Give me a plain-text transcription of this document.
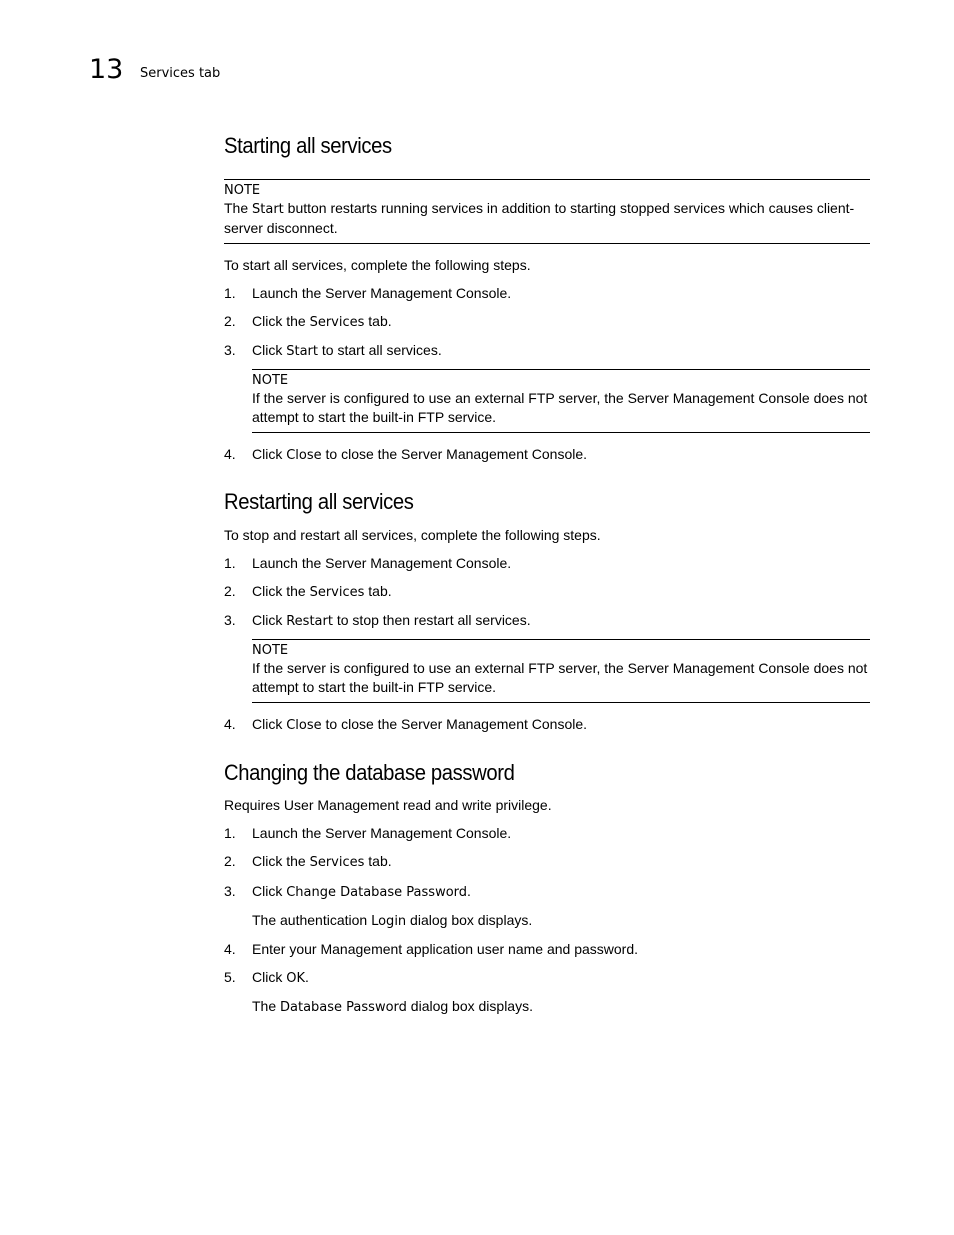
13 Services tab
Starting all services
NOTE
The Start button restarts running services in addition to starting stopped services which causes client-server disconnect.

To start all services, complete the following steps.

1. Launch the Server Management Console.
2. Click the Services tab.
3. Click Start to start all services.
NOTE
If the server is configured to use an external FTP server, the Server Management Console does not attempt to start the built-in FTP service.
4. Click Close to close the Server Management Console.
Restarting all services

To stop and restart all services, complete the following steps.

1. Launch the Server Management Console.
2. Click the Services tab.
3. Click Restart to stop then restart all services.
NOTE
If the server is configured to use an external FTP server, the Server Management Console does not attempt to start the built-in FTP service.
4. Click Close to close the Server Management Console.
Changing the database password

Requires User Management read and write privilege.

1. Launch the Server Management Console.
2. Click the Services tab.
3. Click Change Database Password.

The authentication Login dialog box displays.

4. Enter your Management application user name and password.
5. Click OK.

The Database Password dialog box displays.
